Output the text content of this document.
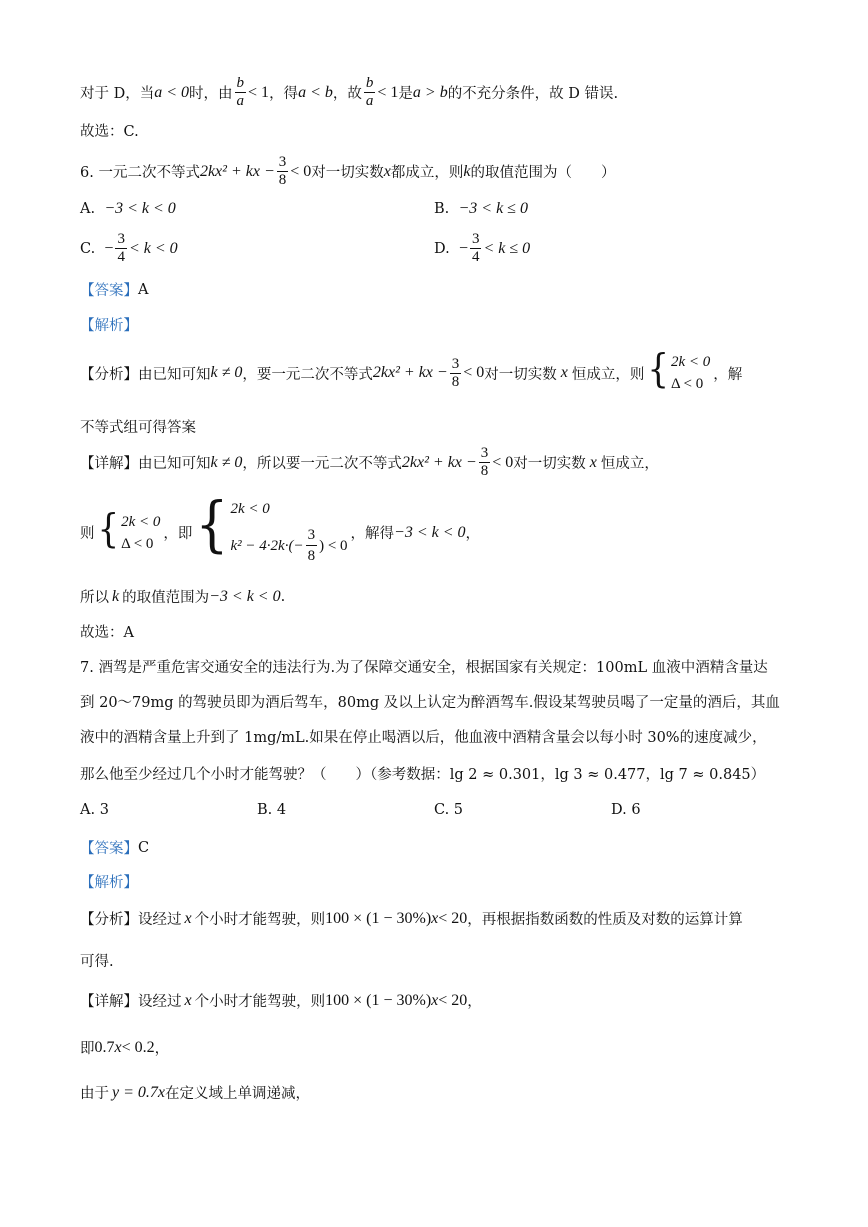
对于 D，当 a < 0 时，由 $\frac{b}{a} < 1$ ，得 a < b ，故 $\frac{b}{a} < 1$ 是 a > b 的不充分条件，故 D 错误.
故选：C.
6. 一元二次不等式 2kx² + kx − $\frac{3}{8} < 0$ 对一切实数 x 都成立，则 k 的取值范围为（　　）
A.
−3 < k < 0	B.
−3 < k ≤ 0
C.
− $\frac{3}{4} < k < 0$	D.
− $\frac{3}{4} < k \le 0$
【答案】 A
【解析】
【分析】 由已知可知 k ≠ 0 ，要一元二次不等式 2kx² + kx − $\frac{3}{8} < 0$ 对一切实数 x 恒成立，则 { 2k < 0
Δ < 0
，解
不等式组可得答案
【详解】 由已知可知 k ≠ 0 ，所以要一元二次不等式 2kx² + kx − $\frac{3}{8} < 0$ 对一切实数 x 恒成立，
则 { 2k < 0
Δ < 0
，即 { 2k < 0
$k^2 - 4\cdot 2k\cdot(- \frac{3}{8}$ ) < 0
，解得 −3 < k < 0 ，
所以 k 的取值范围为 −3 < k < 0 .
故选：A
7. 酒驾是严重危害交通安全的违法行为.为了保障交通安全，根据国家有关规定：100mL 血液中酒精含量达
到 20～79mg 的驾驶员即为酒后驾车，80mg 及以上认定为醉酒驾车.假设某驾驶员喝了一定量的酒后，其血
液中的酒精含量上升到了 1mg/mL.如果在停止喝酒以后，他血液中酒精含量会以每小时 30%的速度减少，
那么他至少经过几个小时才能驾驶？（　　）（参考数据：lg 2 ≈ 0.301，lg 3 ≈ 0.477，lg 7 ≈ 0.845）
A. 3	B. 4	C. 5	D. 6
【答案】 C
【解析】
【分析】 设经过 x 个小时才能驾驶，则 100 × (1 − 30%) x < 20 ，再根据指数函数的性质及对数的运算计算
可得.
【详解】 设经过 x 个小时才能驾驶，则 100 × (1 − 30%) x < 20 ，
即 0.7 x < 0.2 ，
由于 y = 0.7 x 在定义域上单调递减，
